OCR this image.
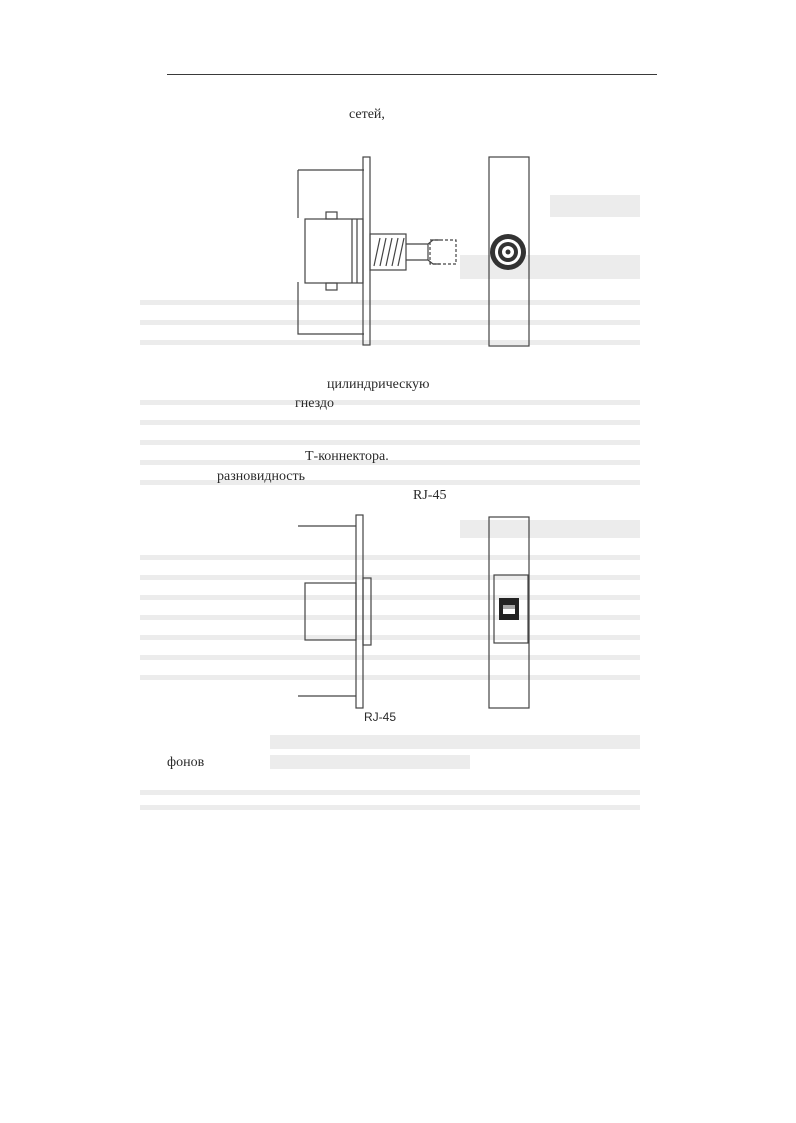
сетей,
цилиндрическую
гнездо
Т-коннектора.
разновидность
RJ-45
RJ-45
фонов
